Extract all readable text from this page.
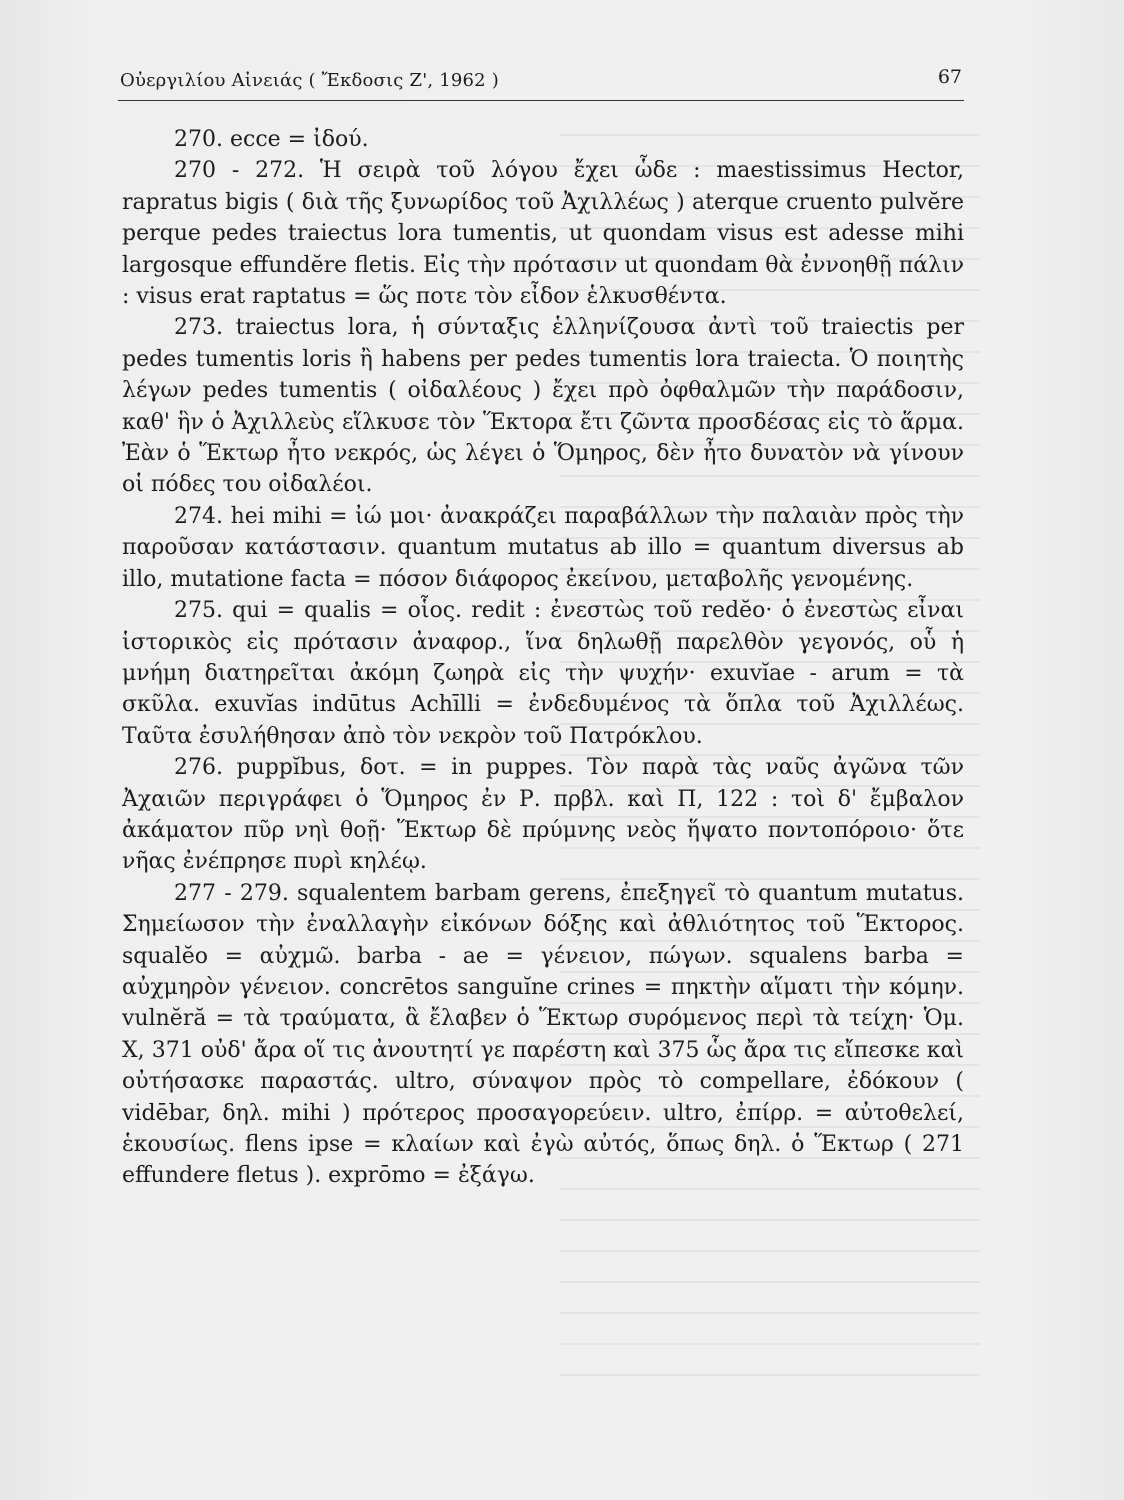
Οὐεργιλίου Αἰνειάς ( Ἔκδοσις Ζ', 1962 )	67

270. ecce = ἰδού.

270 - 272. Ἡ σειρὰ τοῦ λόγου ἔχει ὧδε : maestissimus Hector, rapratus bigis ( διὰ τῆς ξυνωρίδος τοῦ Ἀχιλλέως ) aterque cruento pulvĕre perque pedes traiectus lora tumentis, ut quondam visus est adesse mihi largosque effundĕre fletis. Εἰς τὴν πρότασιν ut quondam θὰ ἐννοηθῇ πάλιν : visus erat raptatus = ὥς ποτε τὸν εἶδον ἑλκυσθέντα.

273. traiectus lora, ἡ σύνταξις ἑλληνίζουσα ἀντὶ τοῦ traiectis per pedes tumentis loris ἢ habens per pedes tumentis lora traiecta. Ὁ ποιητὴς λέγων pedes tumentis ( οἰδαλέους ) ἔχει πρὸ ὀφθαλμῶν τὴν παράδοσιν, καθ' ἣν ὁ Ἀχιλλεὺς εἵλκυσε τὸν Ἕκτορα ἔτι ζῶντα προσδέσας εἰς τὸ ἅρμα. Ἐὰν ὁ Ἕκτωρ ἦτο νεκρός, ὡς λέγει ὁ Ὅμηρος, δὲν ἦτο δυνατὸν νὰ γίνουν οἱ πόδες του οἰδαλέοι.

274. hei mihi = ἰώ μοι· ἀνακράζει παραβάλλων τὴν παλαιὰν πρὸς τὴν παροῦσαν κατάστασιν. quantum mutatus ab illo = quantum diversus ab illo, mutatione facta = πόσον διάφορος ἐκείνου, μεταβολῆς γενομένης.

275. qui = qualis = οἷος. redit : ἐνεστὼς τοῦ redĕo· ὁ ἐνεστὼς εἶναι ἱστορικὸς εἰς πρότασιν ἀναφορ., ἵνα δηλωθῇ παρελθὸν γεγονός, οὗ ἡ μνήμη διατηρεῖται ἀκόμη ζωηρὰ εἰς τὴν ψυχήν· exuvĭae - arum = τὰ σκῦλα. exuvĭas indūtus Achīlli = ἐνδεδυμένος τὰ ὅπλα τοῦ Ἀχιλλέως. Ταῦτα ἐσυλήθησαν ἀπὸ τὸν νεκρὸν τοῦ Πατρόκλου.

276. puppĭbus, δοτ. = in puppes. Τὸν παρὰ τὰς ναῦς ἀγῶνα τῶν Ἀχαιῶν περιγράφει ὁ Ὅμηρος ἐν Ρ. πρβλ. καὶ Π, 122 : τοὶ δ' ἔμβαλον ἀκάματον πῦρ νηὶ θοῇ· Ἕκτωρ δὲ πρύμνης νεὸς ἥψατο ποντοπόροιο· ὅτε νῆας ἐνέπρησε πυρὶ κηλέῳ.

277 - 279. squalentem barbam gerens, ἐπεξηγεῖ τὸ quantum mutatus. Σημείωσον τὴν ἐναλλαγὴν εἰκόνων δόξης καὶ ἀθλιότητος τοῦ Ἕκτορος. squalĕo = αὐχμῶ. barba - ae = γένειον, πώγων. squalens barba = αὐχμηρὸν γένειον. concrētos sanguĭne crines = πηκτὴν αἵματι τὴν κόμην. vulnĕră = τὰ τραύματα, ἃ ἔλαβεν ὁ Ἕκτωρ συρόμενος περὶ τὰ τείχη· Ὁμ. Χ, 371 οὐδ' ἄρα οἵ τις ἀνουτητί γε παρέστη καὶ 375 ὧς ἄρα τις εἴπεσκε καὶ οὐτήσασκε παραστάς. ultro, σύναψον πρὸς τὸ compellare, ἐδόκουν ( vidēbar, δηλ. mihi ) πρότερος προσαγορεύειν. ultro, ἐπίρρ. = αὐτοθελεί, ἑκουσίως. flens ipse = κλαίων καὶ ἐγὼ αὐτός, ὅπως δηλ. ὁ Ἕκτωρ ( 271 effundere fletus ). exprōmo = ἐξάγω.
